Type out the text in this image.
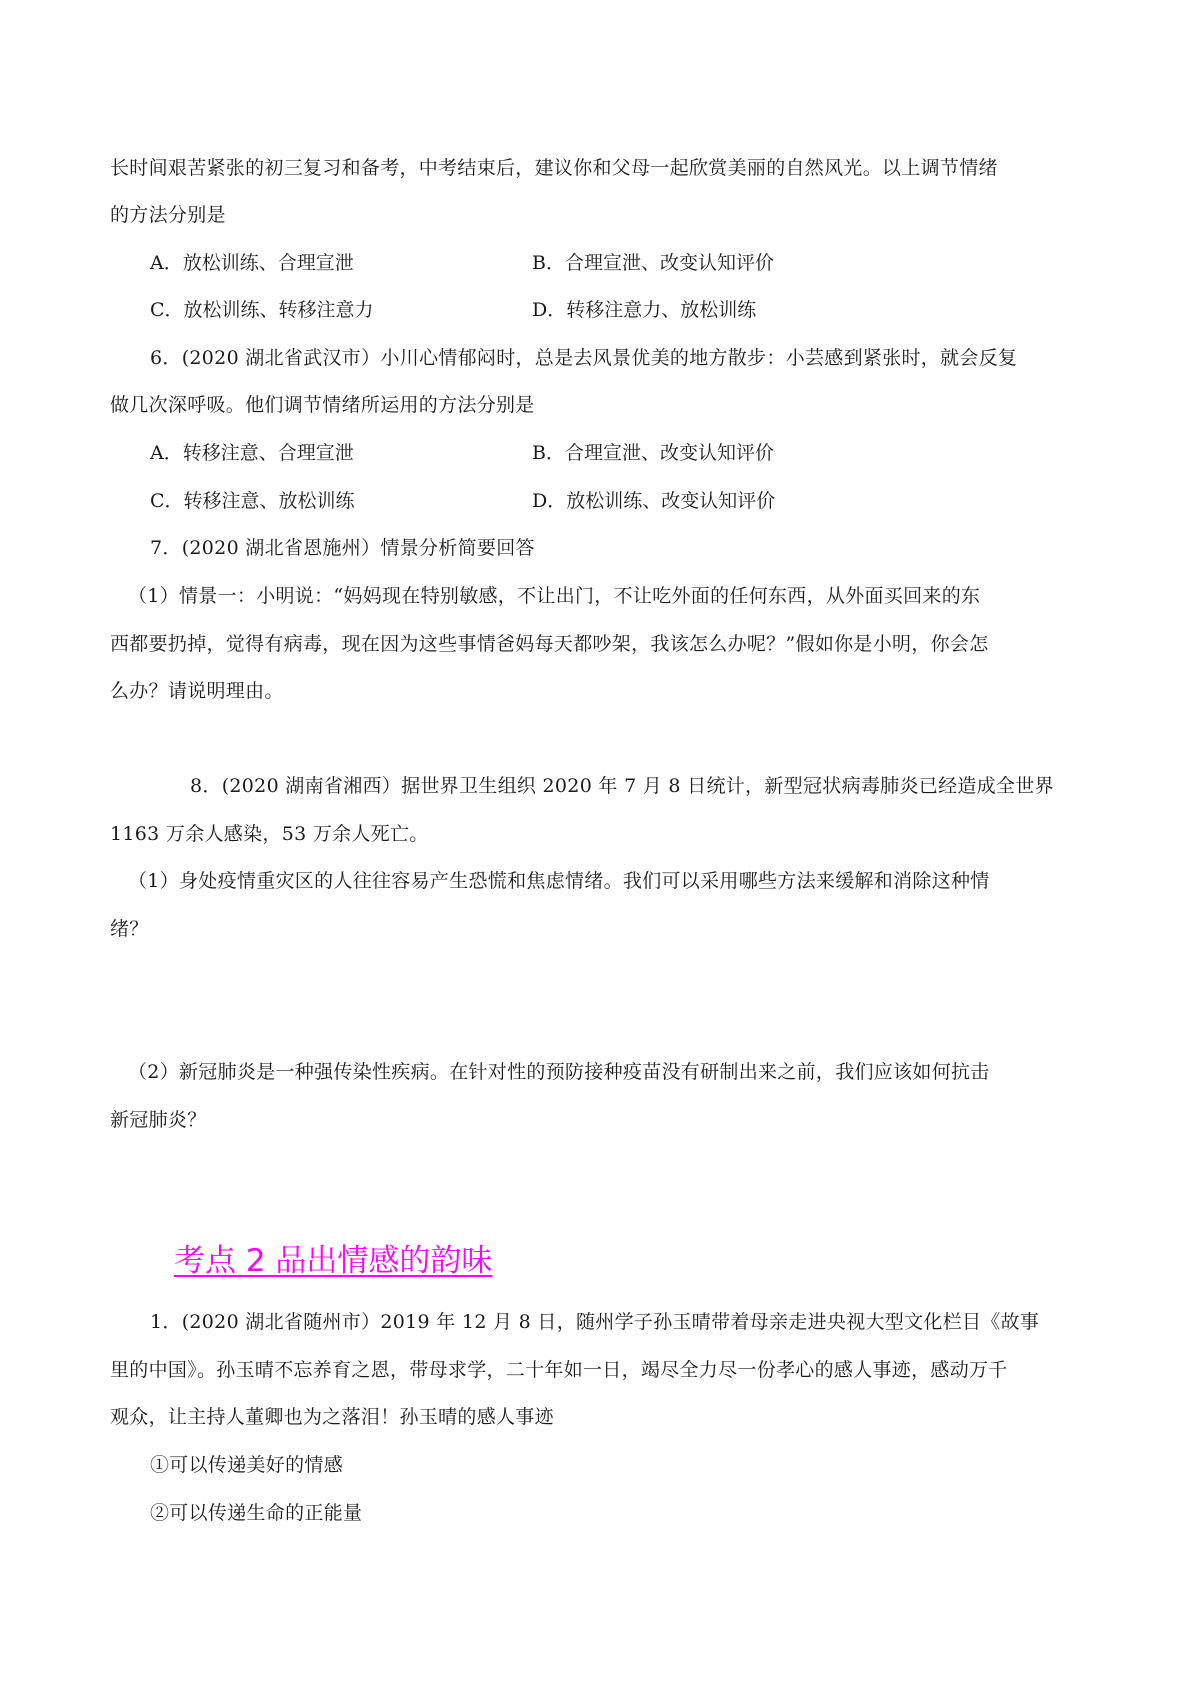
长时间艰苦紧张的初三复习和备考，中考结束后，建议你和父母一起欣赏美丽的自然风光。以上调节情绪
的方法分别是
A．放松训练、合理宣泄	B．合理宣泄、改变认知评价
C．放松训练、转移注意力	D．转移注意力、放松训练
6．(2020 湖北省武汉市）小川心情郁闷时，总是去风景优美的地方散步：小芸感到紧张时，就会反复
做几次深呼吸。他们调节情绪所运用的方法分别是
A．转移注意、合理宣泄	B．合理宣泄、改变认知评价
C．转移注意、放松训练	D．放松训练、改变认知评价
7．(2020 湖北省恩施州）情景分析简要回答
（1）情景一：小明说：“妈妈现在特别敏感，不让出门，不让吃外面的任何东西，从外面买回来的东
西都要扔掉，觉得有病毒，现在因为这些事情爸妈每天都吵架，我该怎么办呢？”假如你是小明，你会怎
么办？请说明理由。
8．(2020 湖南省湘西）据世界卫生组织 2020 年 7 月 8 日统计，新型冠状病毒肺炎已经造成全世界
1163 万余人感染，53 万余人死亡。
（1）身处疫情重灾区的人往往容易产生恐慌和焦虑情绪。我们可以采用哪些方法来缓解和消除这种情
绪？
（2）新冠肺炎是一种强传染性疾病。在针对性的预防接种疫苗没有研制出来之前，我们应该如何抗击
新冠肺炎？
考点 2 品出情感的韵味
1．(2020 湖北省随州市）2019 年 12 月 8 日，随州学子孙玉晴带着母亲走进央视大型文化栏目《故事
里的中国》。孙玉晴不忘养育之恩，带母求学，二十年如一日，竭尽全力尽一份孝心的感人事迹，感动万千
观众，让主持人董卿也为之落泪！孙玉晴的感人事迹
①可以传递美好的情感
②可以传递生命的正能量
